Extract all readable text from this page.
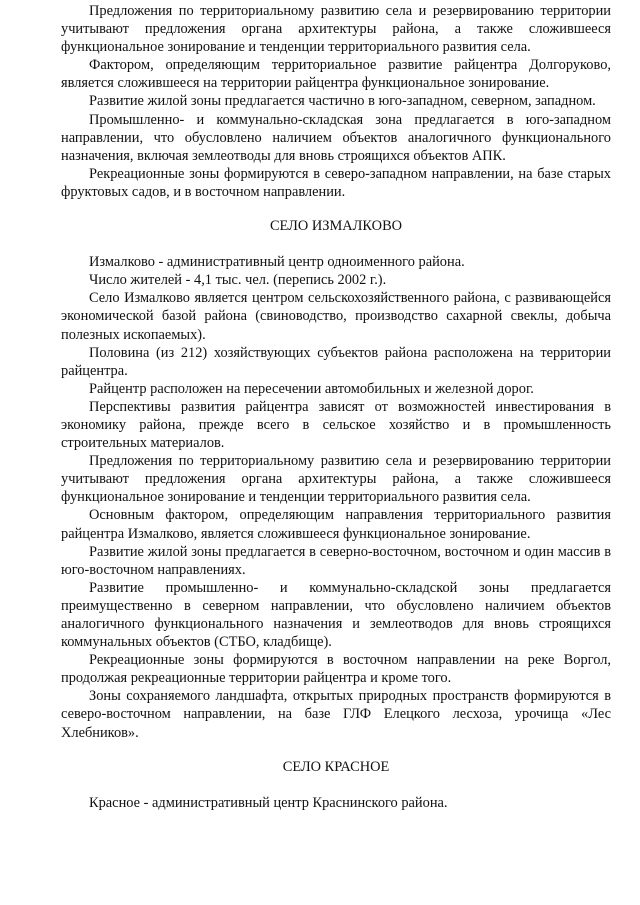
Предложения по территориальному развитию села и резервированию территории учитывают предложения органа архитектуры района, а также сложившееся функциональное зонирование и тенденции территориального развития села.

Фактором, определяющим территориальное развитие райцентра Долгоруково, является сложившееся на территории райцентра функциональное зонирование.

Развитие жилой зоны предлагается частично в юго-западном, северном, западном.

Промышленно- и коммунально-складская зона предлагается в юго-западном направлении, что обусловлено наличием объектов аналогичного функционального назначения, включая землеотводы для вновь строящихся объектов АПК.

Рекреационные зоны формируются в северо-западном направлении, на базе старых фруктовых садов, и в восточном направлении.

СЕЛО ИЗМАЛКОВО

Измалково - административный центр одноименного района.

Число жителей - 4,1 тыс. чел. (перепись 2002 г.).

Село Измалково является центром сельскохозяйственного района, с развивающейся экономической базой района (свиноводство, производство сахарной свеклы, добыча полезных ископаемых).

Половина (из 212) хозяйствующих субъектов района расположена на территории райцентра.

Райцентр расположен на пересечении автомобильных и железной дорог.

Перспективы развития райцентра зависят от возможностей инвестирования в экономику района, прежде всего в сельское хозяйство и в промышленность строительных материалов.

Предложения по территориальному развитию села и резервированию территории учитывают предложения органа архитектуры района, а также сложившееся функциональное зонирование и тенденции территориального развития села.

Основным фактором, определяющим направления территориального развития райцентра Измалково, является сложившееся функциональное зонирование.

Развитие жилой зоны предлагается в северно-восточном, восточном и один массив в юго-восточном направлениях.

Развитие промышленно- и коммунально-складской зоны предлагается преимущественно в северном направлении, что обусловлено наличием объектов аналогичного функционального назначения и землеотводов для вновь строящихся коммунальных объектов (СТБО, кладбище).

Рекреационные зоны формируются в восточном направлении на реке Воргол, продолжая рекреационные территории райцентра и кроме того.

Зоны сохраняемого ландшафта, открытых природных пространств формируются в северо-восточном направлении, на базе ГЛФ Елецкого лесхоза, урочища «Лес Хлебников».

СЕЛО КРАСНОЕ

Красное - административный центр Краснинского района.
